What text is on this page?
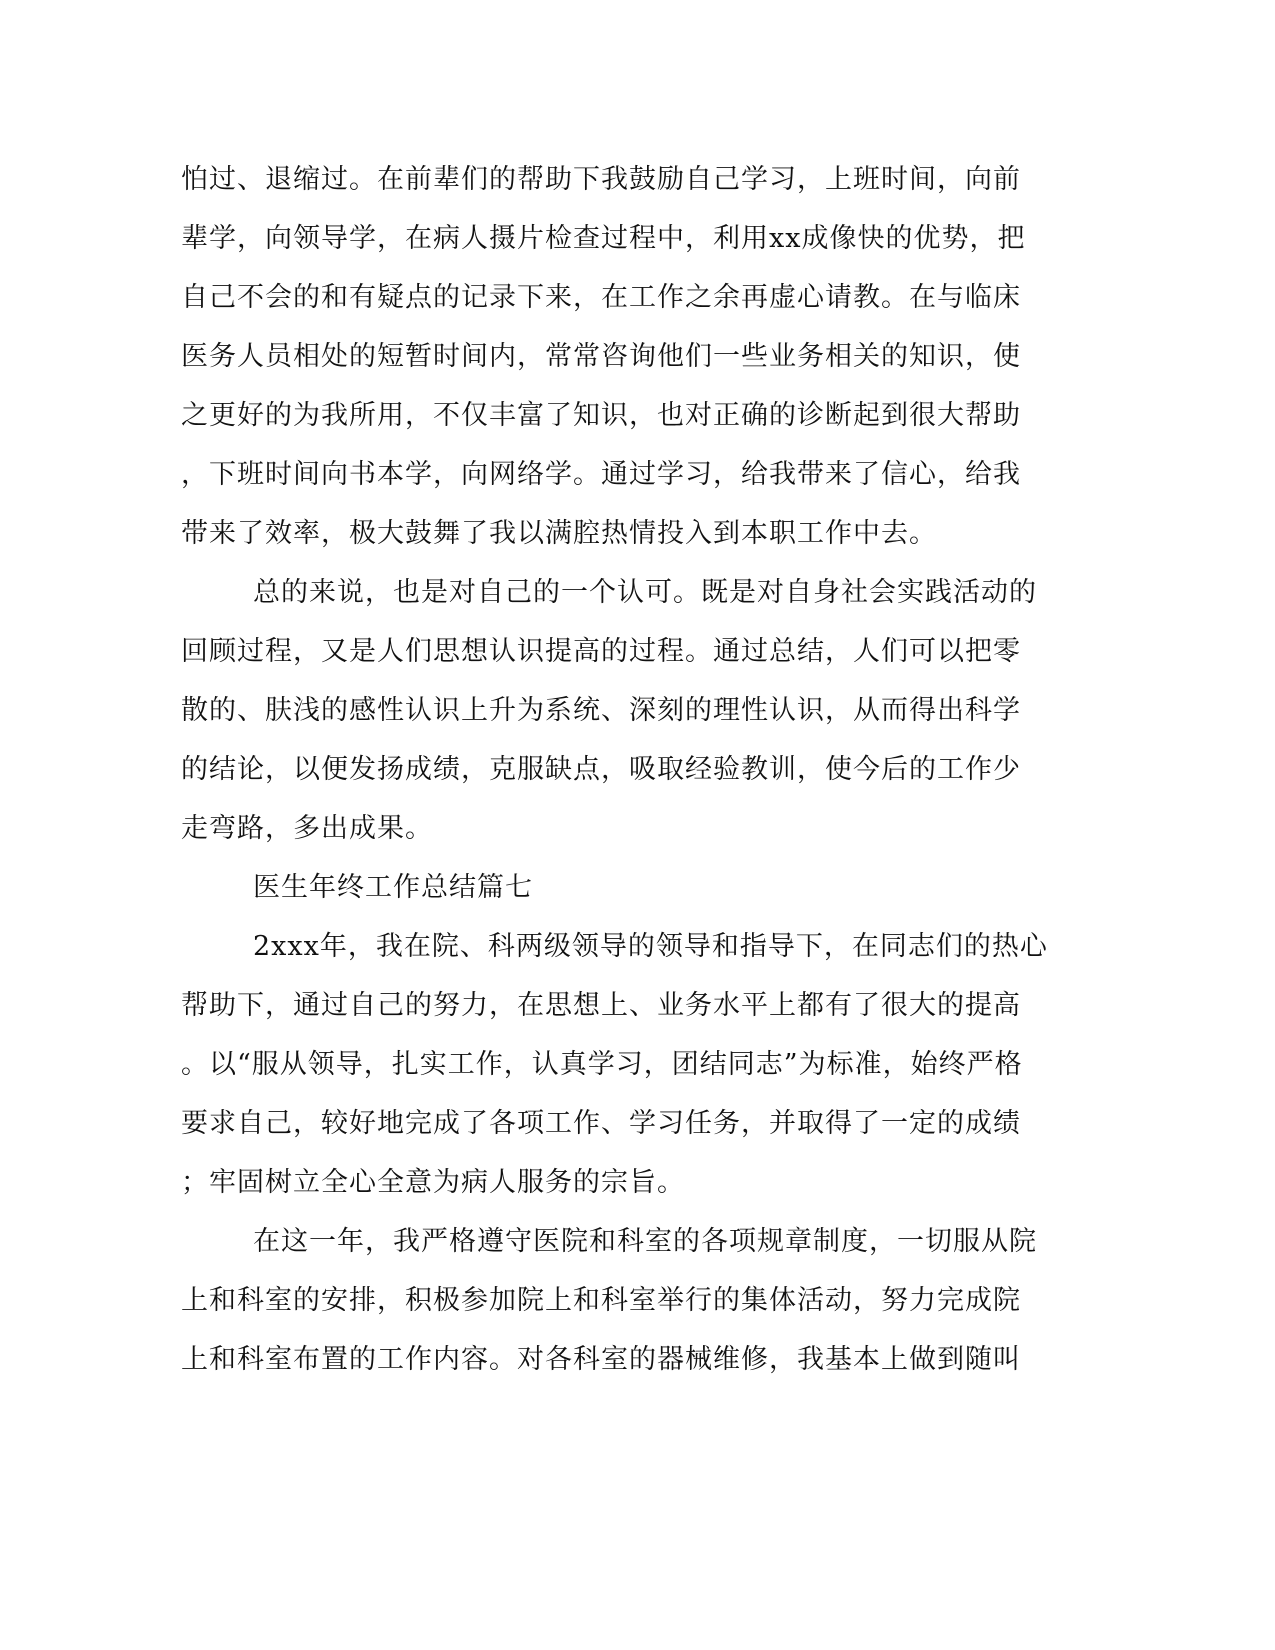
怕过、退缩过。在前辈们的帮助下我鼓励自己学习，上班时间，向前
辈学，向领导学，在病人摄片检查过程中，利用xx成像快的优势，把
自己不会的和有疑点的记录下来，在工作之余再虚心请教。在与临床
医务人员相处的短暂时间内，常常咨询他们一些业务相关的知识，使
之更好的为我所用，不仅丰富了知识，也对正确的诊断起到很大帮助
，下班时间向书本学，向网络学。通过学习，给我带来了信心，给我
带来了效率，极大鼓舞了我以满腔热情投入到本职工作中去。
总的来说，也是对自己的一个认可。既是对自身社会实践活动的
回顾过程，又是人们思想认识提高的过程。通过总结，人们可以把零
散的、肤浅的感性认识上升为系统、深刻的理性认识，从而得出科学
的结论，以便发扬成绩，克服缺点，吸取经验教训，使今后的工作少
走弯路，多出成果。
医生年终工作总结篇七
2xxx年，我在院、科两级领导的领导和指导下，在同志们的热心
帮助下，通过自己的努力，在思想上、业务水平上都有了很大的提高
。以“服从领导，扎实工作，认真学习，团结同志”为标准，始终严格
要求自己，较好地完成了各项工作、学习任务，并取得了一定的成绩
；牢固树立全心全意为病人服务的宗旨。
在这一年，我严格遵守医院和科室的各项规章制度，一切服从院
上和科室的安排，积极参加院上和科室举行的集体活动，努力完成院
上和科室布置的工作内容。对各科室的器械维修，我基本上做到随叫
